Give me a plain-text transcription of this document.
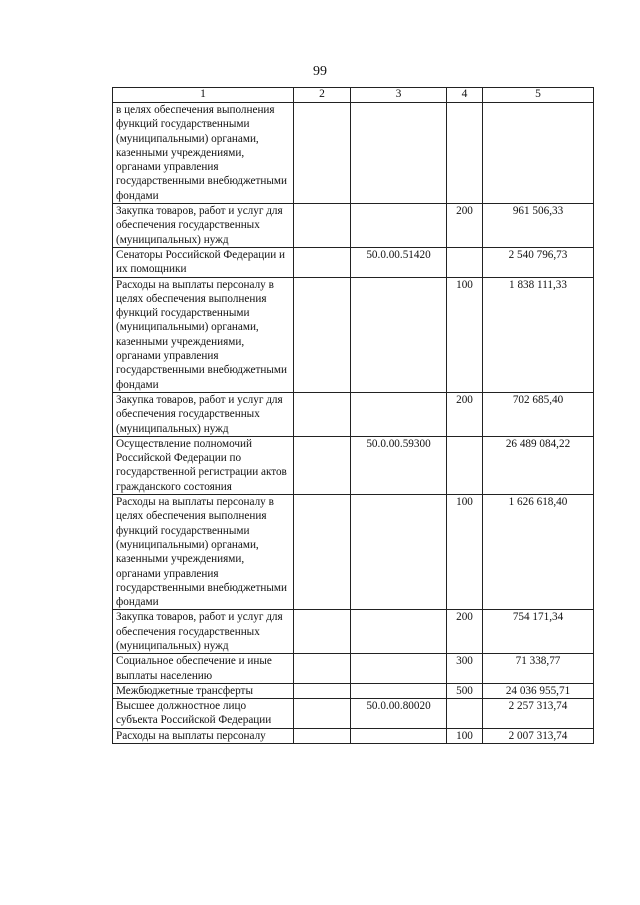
99
1	2	3	4	5
в целях обеспечения выполнения функций государственными (муниципальными) органами, казенными учреждениями, органами управления государственными внебюджетными фондами				
Закупка товаров, работ и услуг для обеспечения государственных (муниципальных) нужд			200	961 506,33
Сенаторы Российской Федерации и их помощники		50.0.00.51420		2 540 796,73
Расходы на выплаты персоналу в целях обеспечения выполнения функций государственными (муниципальными) органами, казенными учреждениями, органами управления государственными внебюджетными фондами			100	1 838 111,33
Закупка товаров, работ и услуг для обеспечения государственных (муниципальных) нужд			200	702 685,40
Осуществление полномочий Российской Федерации по государственной регистрации актов гражданского состояния		50.0.00.59300		26 489 084,22
Расходы на выплаты персоналу в целях обеспечения выполнения функций государственными (муниципальными) органами, казенными учреждениями, органами управления государственными внебюджетными фондами			100	1 626 618,40
Закупка товаров, работ и услуг для обеспечения государственных (муниципальных) нужд			200	754 171,34
Социальное обеспечение и иные выплаты населению			300	71 338,77
Межбюджетные трансферты			500	24 036 955,71
Высшее должностное лицо субъекта Российской Федерации		50.0.00.80020		2 257 313,74
Расходы на выплаты персоналу			100	2 007 313,74
